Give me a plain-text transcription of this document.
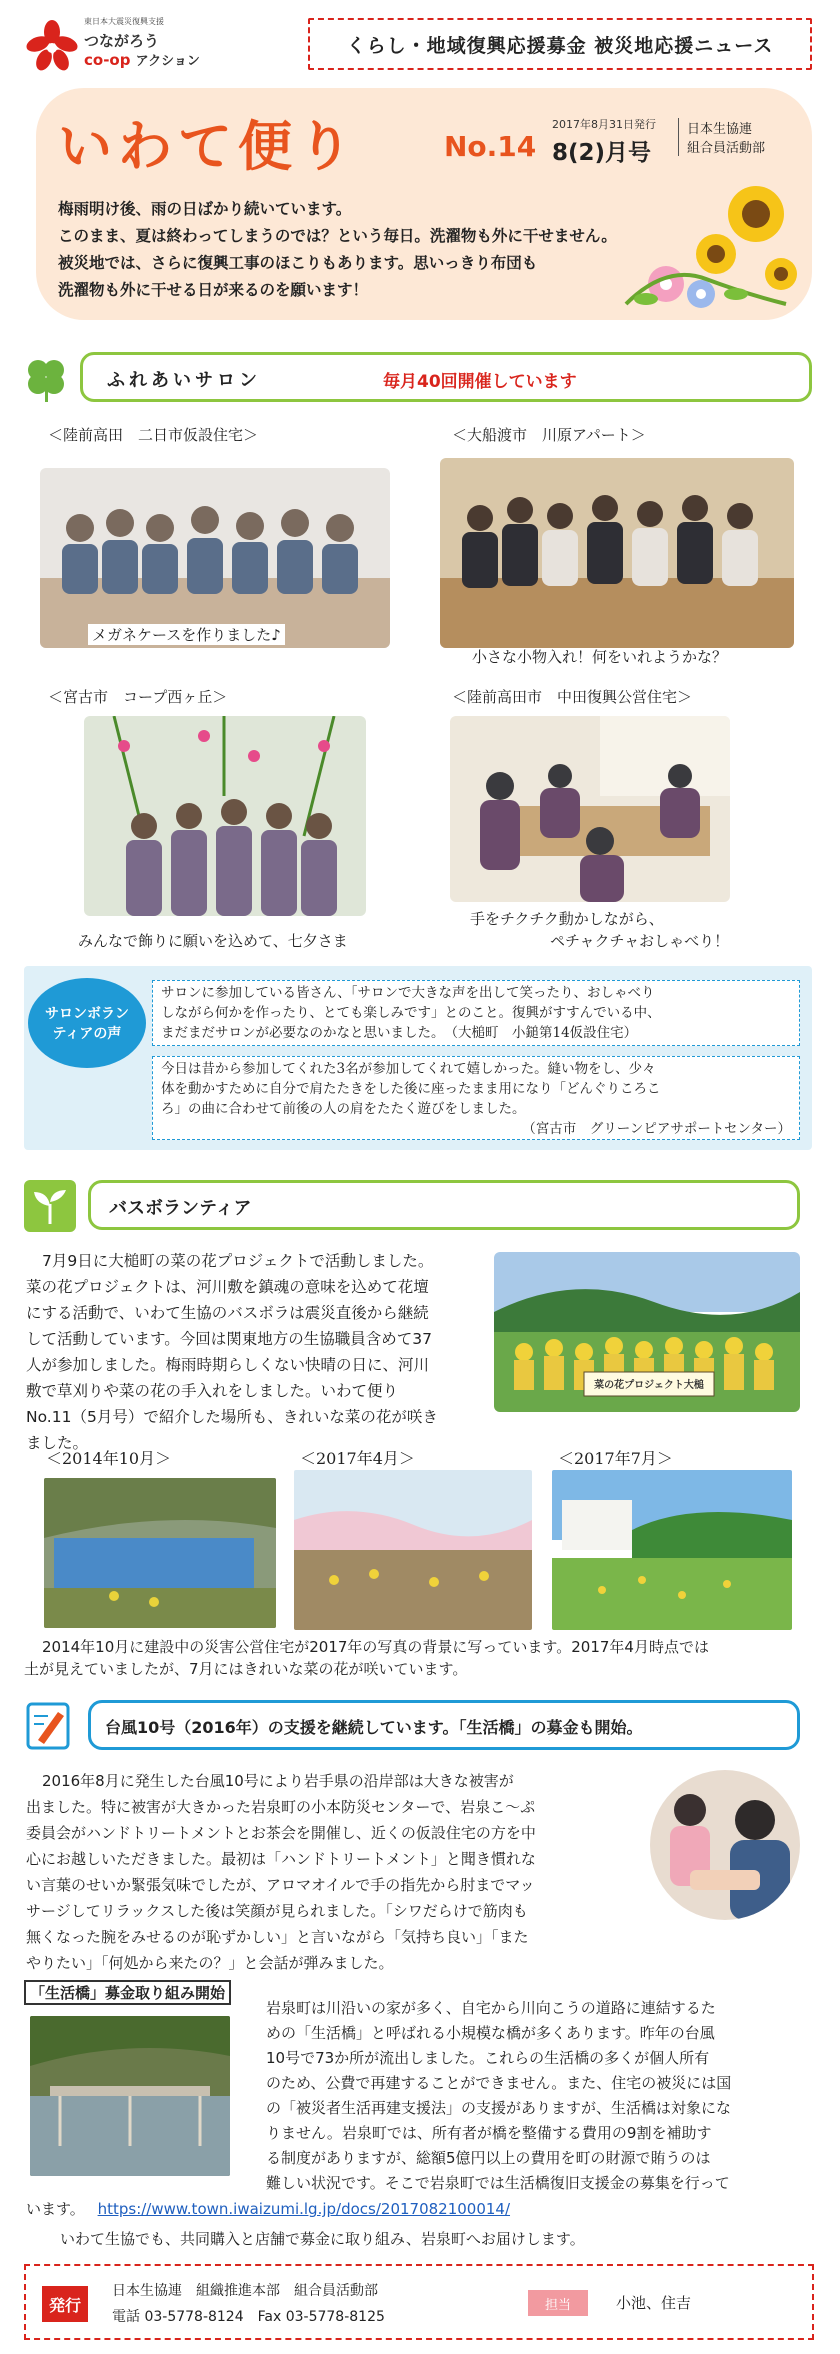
東日本大震災復興支援
つながろう
co-op アクション
くらし・地域復興応援募金 被災地応援ニュース
いわて便り	No.14
2017年8月31日発行
8(2)月号
日本生協連
組合員活動部
梅雨明け後、雨の日ばかり続いています。
このまま、夏は終わってしまうのでは？という毎日。洗濯物も外に干せません。
被災地では、さらに復興工事のほこりもあります。思いっきり布団も
洗濯物も外に干せる日が来るのを願います！
ふれあいサロン	毎月40回開催しています
＜陸前高田　二日市仮設住宅＞	＜大船渡市　川原アパート＞
メガネケースを作りました♪
小さな小物入れ！何をいれようかな？
＜宮古市　コープ西ヶ丘＞	＜陸前高田市　中田復興公営住宅＞
みんなで飾りに願いを込めて、七夕さま
手をチクチク動かしながら、
ペチャクチャおしゃべり！
サロンボラン
ティアの声
サロンに参加している皆さん、「サロンで大きな声を出して笑ったり、おしゃべり
しながら何かを作ったり、とても楽しみです」とのこと。復興がすすんでいる中、
まだまだサロンが必要なのかなと思いました。　（大槌町　小鎚第14仮設住宅）
今日は昔から参加してくれた3名が参加してくれて嬉しかった。縫い物をし、少々
体を動かすために自分で肩たたきをした後に座ったまま用になり「どんぐりころこ
ろ」の曲に合わせて前後の人の肩をたたく遊びをしました。
（宮古市　グリーンピアサポートセンター）
バスボランティア
7月9日に大槌町の菜の花プロジェクトで活動しました。
菜の花プロジェクトは、河川敷を鎮魂の意味を込めて花壇
にする活動で、いわて生協のバスボラは震災直後から継続
して活動しています。今回は関東地方の生協職員含めて37
人が参加しました。梅雨時期らしくない快晴の日に、河川
敷で草刈りや菜の花の手入れをしました。いわて便り
No.11（5月号）で紹介した場所も、きれいな菜の花が咲き
ました。
菜の花プロジェクト大槌
＜2014年10月＞	＜2017年4月＞	＜2017年7月＞
2014年10月に建設中の災害公営住宅が2017年の写真の背景に写っています。2017年4月時点では
土が見えていましたが、7月にはきれいな菜の花が咲いています。
台風10号（2016年）の支援を継続しています。「生活橋」の募金も開始。
2016年8月に発生した台風10号により岩手県の沿岸部は大きな被害が
出ました。特に被害が大きかった岩泉町の小本防災センターで、岩泉こ～ぷ
委員会がハンドトリートメントとお茶会を開催し、近くの仮設住宅の方を中
心にお越しいただきました。最初は「ハンドトリートメント」と聞き慣れな
い言葉のせいか緊張気味でしたが、アロマオイルで手の指先から肘までマッ
サージしてリラックスした後は笑顔が見られました。「シワだらけで筋肉も
無くなった腕をみせるのが恥ずかしい」と言いながら「気持ち良い」「また
やりたい」「何処から来たの？」と会話が弾みました。
「生活橋」募金取り組み開始
岩泉町は川沿いの家が多く、自宅から川向こうの道路に連結するた
めの「生活橋」と呼ばれる小規模な橋が多くあります。昨年の台風
10号で73か所が流出しました。これらの生活橋の多くが個人所有
のため、公費で再建することができません。また、住宅の被災には国
の「被災者生活再建支援法」の支援がありますが、生活橋は対象にな
りません。岩泉町では、所有者が橋を整備する費用の9割を補助す
る制度がありますが、総額5億円以上の費用を町の財源で賄うのは
難しい状況です。そこで岩泉町では生活橋復旧支援金の募集を行って
います。 https://www.town.iwaizumi.lg.jp/docs/2017082100014/
いわて生協でも、共同購入と店舗で募金に取り組み、岩泉町へお届けします。
発行
日本生協連　組織推進本部　組合員活動部
電話 03-5778-8124　Fax 03-5778-8125
担当	小池、住吉
